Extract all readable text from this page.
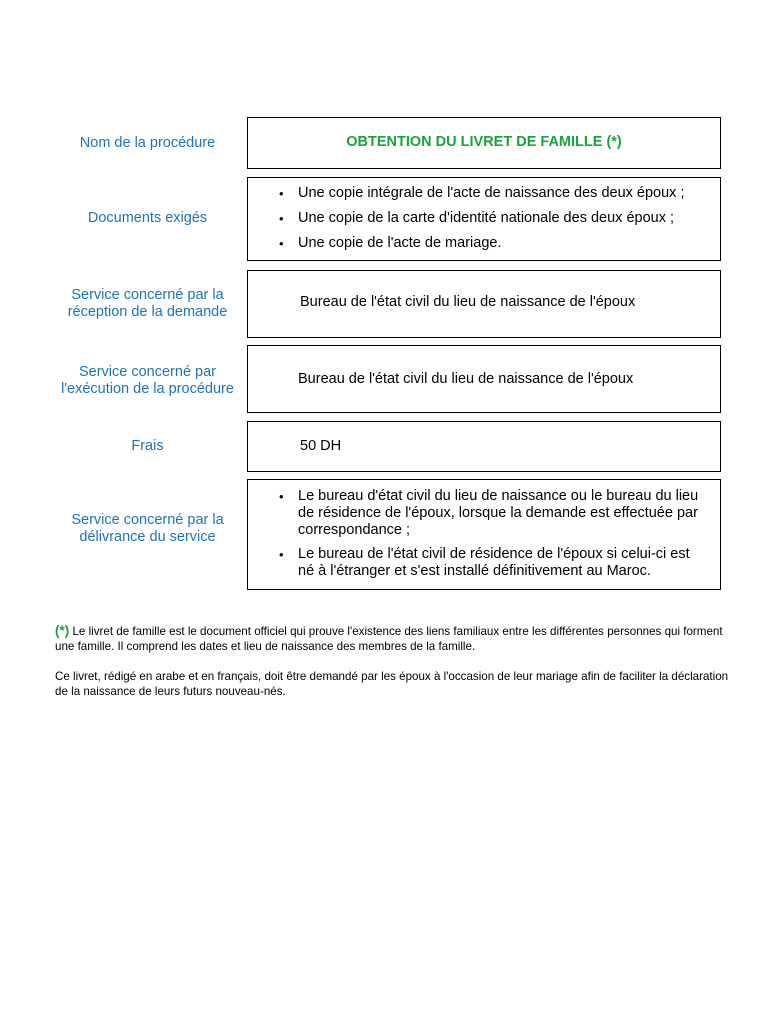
Nom de la procédure	OBTENTION DU LIVRET DE FAMILLE (*)
Documents exigés
• Une copie intégrale de l'acte de naissance des deux époux ;
• Une copie de la carte d'identité nationale des deux époux ;
• Une copie de l'acte de mariage.
Service concerné par la
réception de la demande
Bureau de l'état civil du lieu de naissance de l'époux
Service concerné par
l'exécution de la procédure
Bureau de l'état civil du lieu de naissance de l'époux
Frais	50 DH
Service concerné par la
délivrance du service
• Le bureau d'état civil du lieu de naissance ou le bureau du lieu de résidence de l'époux, lorsque la demande est effectuée par correspondance ;
• Le bureau de l'état civil de résidence de l'époux si celui-ci est né à l'étranger et s'est installé définitivement au Maroc.
(*) Le livret de famille est le document officiel qui prouve l'existence des liens familiaux entre les différentes personnes qui forment une famille. Il comprend les dates et lieu de naissance des membres de la famille.
Ce livret, rédigé en arabe et en français, doit être demandé par les époux à l'occasion de leur mariage afin de faciliter la déclaration de la naissance de leurs futurs nouveau-nés.
